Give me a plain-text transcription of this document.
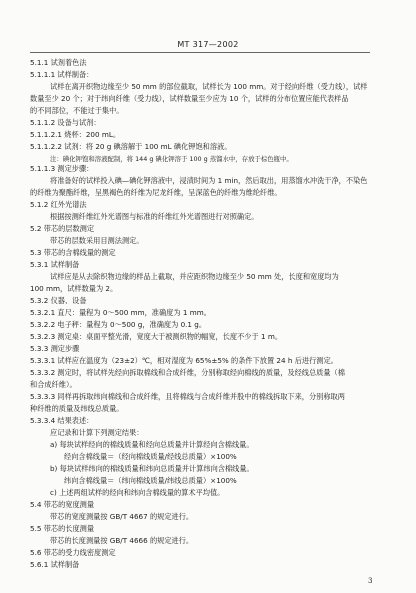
MT 317—2002
5.1.1 试剂着色法
5.1.1.1 试样制备：
试样在离开织物边缘至少 50 mm 的部位截取，试样长为 100 mm。对于经向纤维（受力线），试样
数量至少 20 个；对于纬向纤维（受力线），试样数量至少应为 10 个，试样的分布位置应能代表样品
的不同部位，不能过于集中。
5.1.1.2 设备与试剂：
5.1.1.2.1 烧杯：200 mL。
5.1.1.2.2 试剂：将 20 g 碘溶解于 100 mL 碘化钾饱和溶液。
注：碘化钾饱和溶液配制，将 144 g 碘化钾溶于 100 g 蒸馏水中，存放于棕色瓶中。
5.1.1.3 测定步骤：
将准备好的试样投入碘—碘化钾溶液中，浸渍时间为 1 min，然后取出，用蒸馏水冲洗干净，不染色
的纤维为聚酯纤维，呈黑褐色的纤维为尼龙纤维，呈深蓝色的纤维为维纶纤维。
5.1.2 红外光谱法
根据按测纤维红外光谱图与标准的纤维红外光谱图进行对照确定。
5.2 带芯的层数测定
带芯的层数采用目测法测定。
5.3 带芯的含棉线量的测定
5.3.1 试样制备
试样应是从去除织物边缘的样品上截取，并应距织物边缘至少 50 mm 处，长度和宽度均为
100 mm，试样数量为 2。
5.3.2 仪器、设备
5.3.2.1 直尺：量程为 0～500 mm，准确度为 1 mm。
5.3.2.2 电子秤：量程为 0～500 g，准确度为 0.1 g。
5.3.2.3 测定桌：桌面平整光滑，宽度大于被测织物的幅宽，长度不少于 1 m。
5.3.3 测定步骤
5.3.3.1 试样应在温度为（23±2）℃，相对湿度为 65%±5% 的条件下放置 24 h 后进行测定。
5.3.3.2 测定时，将试样先经向拆取棉线和合成纤维，分别称取经向棉线的质量，及经线总质量（棉
和合成纤维）。
5.3.3.3 同样再拆取纬向棉线和合成纤维，且将棉线与合成纤维并股中的棉线拆取下来，分别称取两
种纤维的质量及纬线总质量。
5.3.3.4 结果表述：
应记录和计算下列测定结果：
a) 每块试样经向的棉线质量和经向总质量并计算经向含棉线量。
经向含棉线量＝（经向棉线质量/经线总质量）×100%
b) 每块试样纬向的棉线质量和纬向总质量并计算纬向含棉线量。
纬向含棉线量＝（纬向棉线质量/纬线总质量）×100%
c) 上述两组试样的经向和纬向含棉线量的算术平均值。
5.4 带芯的宽度测量
带芯的宽度测量按 GB/T 4667 的规定进行。
5.5 带芯的长度测量
带芯的长度测量按 GB/T 4666 的规定进行。
5.6 带芯的受力线密度测定
5.6.1 试样制备
3
